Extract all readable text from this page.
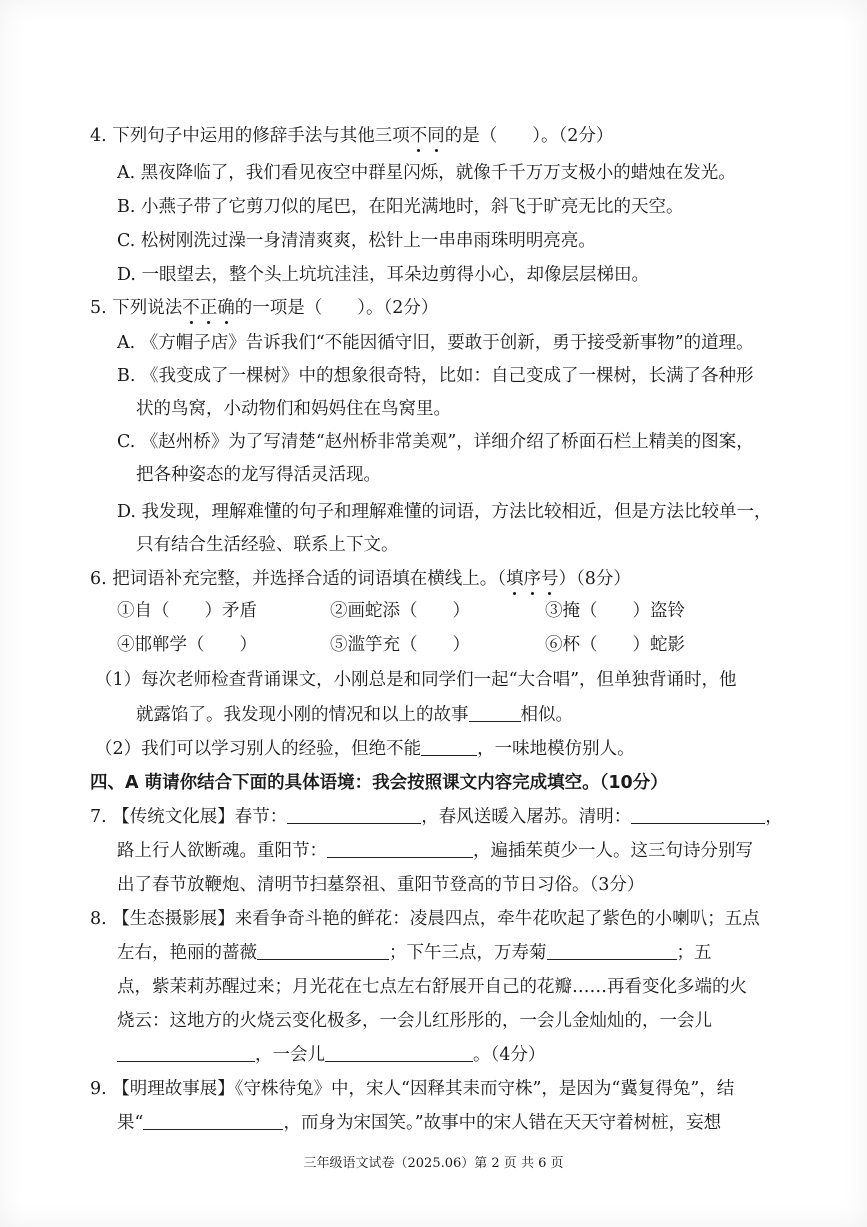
4. 下列句子中运用的修辞手法与其他三项不同的是（　　）。（2分）
A. 黑夜降临了，我们看见夜空中群星闪烁，就像千千万万支极小的蜡烛在发光。
B. 小燕子带了它剪刀似的尾巴，在阳光满地时，斜飞于旷亮无比的天空。
C. 松树刚洗过澡一身清清爽爽，松针上一串串雨珠明明亮亮。
D. 一眼望去，整个头上坑坑洼洼，耳朵边剪得小心，却像层层梯田。
5. 下列说法不正确的一项是（　　）。（2分）
A. 《方帽子店》告诉我们“不能因循守旧，要敢于创新，勇于接受新事物”的道理。
B. 《我变成了一棵树》中的想象很奇特，比如：自己变成了一棵树，长满了各种形
状的鸟窝，小动物们和妈妈住在鸟窝里。
C. 《赵州桥》为了写清楚“赵州桥非常美观”，详细介绍了桥面石栏上精美的图案，
把各种姿态的龙写得活灵活现。
D. 我发现，理解难懂的句子和理解难懂的词语，方法比较相近，但是方法比较单一，
只有结合生活经验、联系上下文。
6. 把词语补充完整，并选择合适的词语填在横线上。（填序号）（8分）
①自（　　）矛盾	②画蛇添（　　）	③掩（　　）盗铃
④邯郸学（　　）	⑤滥竽充（　　）	⑥杯（　　）蛇影
（1）每次老师检查背诵课文，小刚总是和同学们一起“大合唱”，但单独背诵时，他
就露馅了。我发现小刚的情况和以上的故事	相似。
（2）我们可以学习别人的经验，但绝不能	，一味地模仿别人。
四、A 萌请你结合下面的具体语境：我会按照课文内容完成填空。（10分）
7. 【传统文化展】春节：	，春风送暖入屠苏。清明：	，
路上行人欲断魂。重阳节：	，遍插茱萸少一人。这三句诗分别写
出了春节放鞭炮、清明节扫墓祭祖、重阳节登高的节日习俗。（3分）
8. 【生态摄影展】来看争奇斗艳的鲜花：凌晨四点，牵牛花吹起了紫色的小喇叭；五点
左右，艳丽的蔷薇	；下午三点，万寿菊	；五
点，紫茉莉苏醒过来；月光花在七点左右舒展开自己的花瓣……再看变化多端的火
烧云：这地方的火烧云变化极多，一会儿红彤彤的，一会儿金灿灿的，一会儿
，一会儿	。（4分）
9. 【明理故事展】《守株待兔》中，宋人“因释其耒而守株”，是因为“冀复得兔”，结
果“	，而身为宋国笑。”故事中的宋人错在天天守着树桩，妄想
三年级语文试卷（2025.06）第 2 页 共 6 页
